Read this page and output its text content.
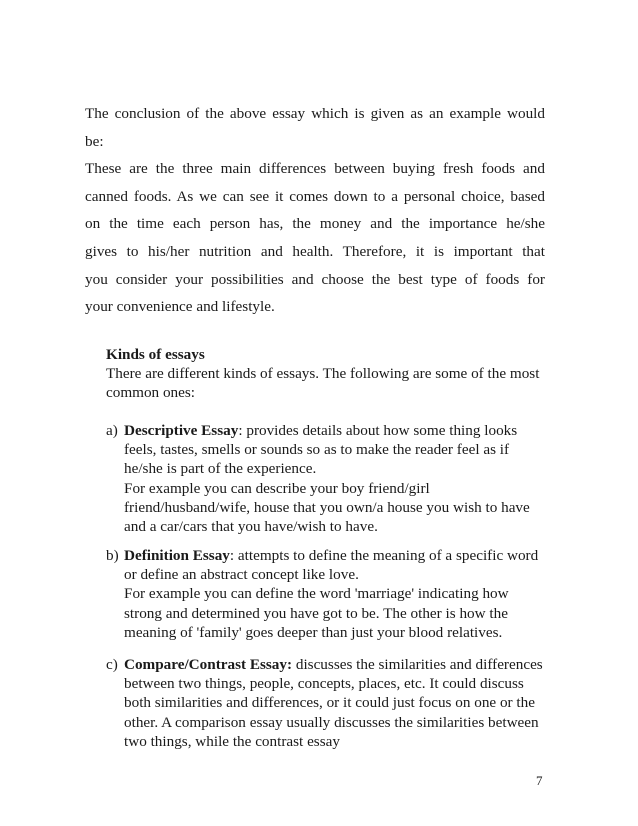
The conclusion of the above essay which is given as an example would
be:
These are the three main differences between buying fresh foods and
canned foods. As we can see it comes down to a personal choice, based
on the time each person has, the money and the importance he/she
gives to his/her nutrition and health. Therefore, it is important that
you consider your possibilities and choose the best type of foods for
your convenience and lifestyle.
Kinds of essays
There are different kinds of essays. The following are some of the most common ones:
a) Descriptive Essay: provides details about how some thing looks feels, tastes, smells or sounds so as to make the reader feel as if he/she is part of the experience.
For example you can describe your boy friend/girl friend/husband/wife, house that you own/a house you wish to have and a car/cars that you have/wish to have.
b) Definition Essay: attempts to define the meaning of a specific word or define an abstract concept like love.
For example you can define the word 'marriage' indicating how strong and determined you have got to be. The other is how the meaning of 'family' goes deeper than just your blood relatives.
c) Compare/Contrast Essay: discusses the similarities and differences between two things, people, concepts, places, etc. It could discuss both similarities and differences, or it could just focus on one or the other. A comparison essay usually discusses the similarities between two things, while the contrast essay
7
